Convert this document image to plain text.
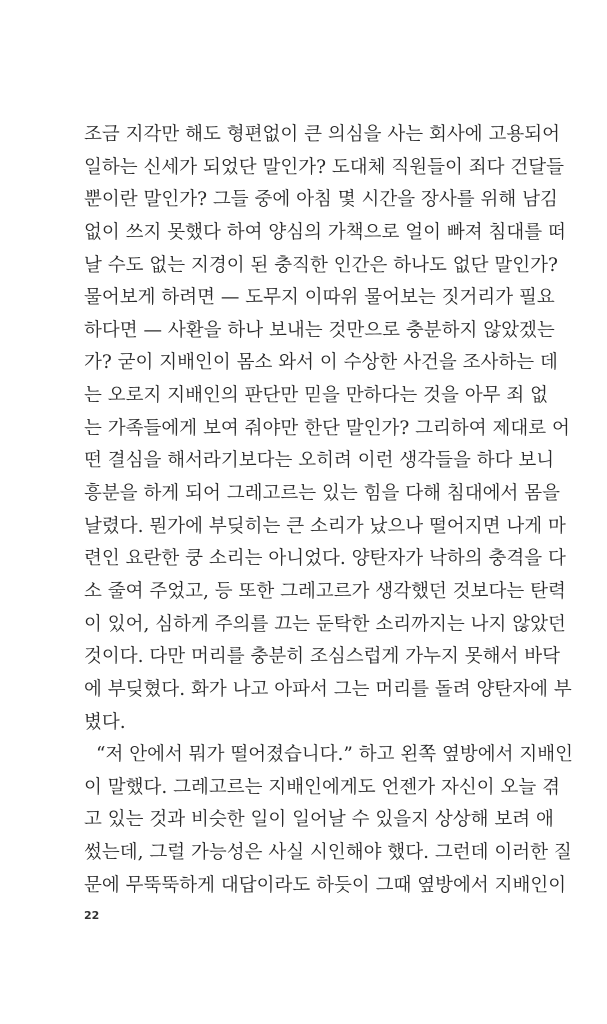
조금 지각만 해도 형편없이 큰 의심을 사는 회사에 고용되어
일하는 신세가 되었단 말인가? 도대체 직원들이 죄다 건달들
뿐이란 말인가? 그들 중에 아침 몇 시간을 장사를 위해 남김
없이 쓰지 못했다 하여 양심의 가책으로 얼이 빠져 침대를 떠
날 수도 없는 지경이 된 충직한 인간은 하나도 없단 말인가?
물어보게 하려면 — 도무지 이따위 물어보는 짓거리가 필요
하다면 — 사환을 하나 보내는 것만으로 충분하지 않았겠는
가? 굳이 지배인이 몸소 와서 이 수상한 사건을 조사하는 데
는 오로지 지배인의 판단만 믿을 만하다는 것을 아무 죄 없
는 가족들에게 보여 줘야만 한단 말인가? 그리하여 제대로 어
떤 결심을 해서라기보다는 오히려 이런 생각들을 하다 보니
흥분을 하게 되어 그레고르는 있는 힘을 다해 침대에서 몸을
날렸다. 뭔가에 부딪히는 큰 소리가 났으나 떨어지면 나게 마
련인 요란한 쿵 소리는 아니었다. 양탄자가 낙하의 충격을 다
소 줄여 주었고, 등 또한 그레고르가 생각했던 것보다는 탄력
이 있어, 심하게 주의를 끄는 둔탁한 소리까지는 나지 않았던
것이다. 다만 머리를 충분히 조심스럽게 가누지 못해서 바닥
에 부딪혔다. 화가 나고 아파서 그는 머리를 돌려 양탄자에 부
볐다.
“저 안에서 뭐가 떨어졌습니다.” 하고 왼쪽 옆방에서 지배인
이 말했다. 그레고르는 지배인에게도 언젠가 자신이 오늘 겪
고 있는 것과 비슷한 일이 일어날 수 있을지 상상해 보려 애
썼는데, 그럴 가능성은 사실 시인해야 했다. 그런데 이러한 질
문에 무뚝뚝하게 대답이라도 하듯이 그때 옆방에서 지배인이
22
